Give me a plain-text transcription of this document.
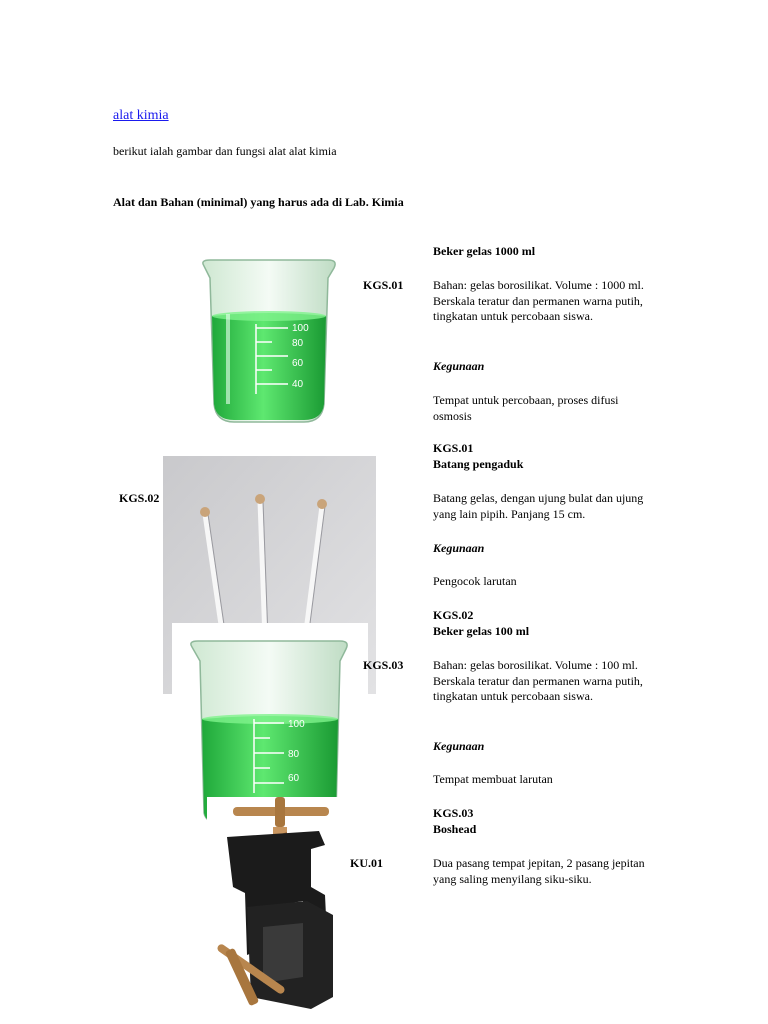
alat kimia
berikut ialah gambar dan fungsi alat alat kimia
Alat dan Bahan (minimal) yang harus ada di Lab. Kimia
100
80
60
40
100
80
60
KGS.01
KGS.02
KGS.03
KU.01
Beker gelas 1000 ml
Bahan: gelas borosilikat. Volume : 1000 ml. Berskala teratur dan permanen warna putih, tingkatan untuk percobaan siswa.
Kegunaan
Tempat untuk percobaan, proses difusi osmosis
KGS.01
Batang pengaduk
Batang gelas, dengan ujung bulat dan ujung yang lain pipih. Panjang 15 cm.
Kegunaan
Pengocok larutan
KGS.02
Beker gelas 100 ml
Bahan: gelas borosilikat. Volume : 100 ml. Berskala teratur dan permanen warna putih, tingkatan untuk percobaan siswa.
Kegunaan
Tempat membuat larutan
KGS.03
Boshead
Dua pasang tempat jepitan, 2 pasang jepitan yang saling menyilang siku-siku.
